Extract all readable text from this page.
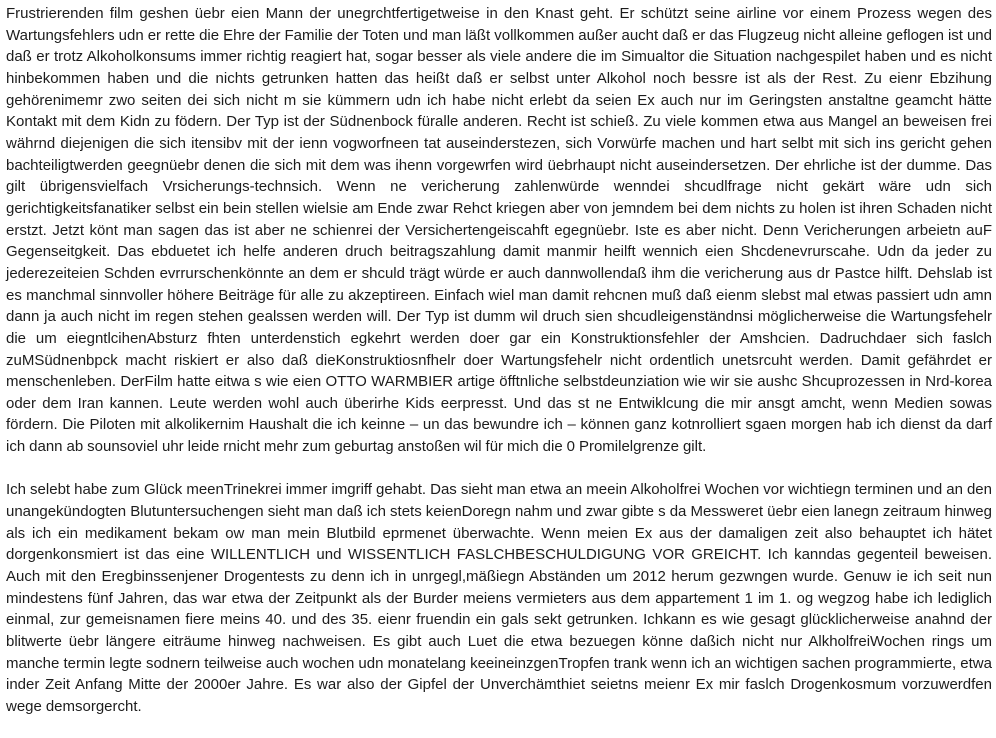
Frustrierenden film geshen üebr eien Mann der unegrchtfertigetweise in den Knast geht. Er schützt seine airline vor einem Prozess wegen des Wartungsfehlers udn er rette die Ehre der Familie der Toten und man läßt vollkommen außer aucht daß er das Flugzeug nicht alleine geflogen ist und daß er trotz Alkoholkonsums immer richtig reagiert hat, sogar besser als viele andere die im Simualtor die Situation nachgespilet haben und es nicht hinbekommen haben und die nichts getrunken hatten das heißt daß er selbst unter Alkohol noch bessre ist als der Rest. Zu eienr Ebzihung gehörenimemr zwo seiten dei sich nicht m sie kümmern udn ich habe nicht erlebt da seien Ex auch nur im Geringsten anstaltne geamcht hätte Kontakt mit dem Kidn zu födern. Der Typ ist der Südnenbock füralle anderen. Recht ist schieß. Zu viele kommen etwa aus Mangel an beweisen frei währnd diejenigen die sich itensibv mit der ienn vogworfneen tat auseinderstezen, sich Vorwürfe machen und hart selbt mit sich ins gericht gehen bachteiligtwerden geegnüebr denen die sich mit dem was ihenn vorgewrfen wird üebrhaupt nicht auseindersetzen. Der ehrliche ist der dumme. Das gilt übrigensvielfach Vrsicherungs-technsich. Wenn ne vericherung zahlenwürde wenndei shcudlfrage nicht gekärt wäre udn sich gerichtigkeitsfanatiker selbst ein bein stellen wielsie am Ende zwar Rehct kriegen aber von jemndem bei dem nichts zu holen ist ihren Schaden nicht erstzt. Jetzt könt man sagen das ist aber ne schienrei der Versichertengeiscahft egegnüebr. Iste es aber nicht. Denn Vericherungen arbeietn auF Gegenseitgkeit. Das ebduetet ich helfe anderen druch beitragszahlung damit manmir heilft wennich eien Shcdenevrurscahe. Udn da jeder zu jederezeiteien Schden evrrurschenkönnte an dem er shculd trägt würde er auch dannwollendaß ihm die vericherung aus dr Pastce hilft. Dehslab ist es manchmal sinnvoller höhere Beiträge für alle zu akzeptireen. Einfach wiel man damit rehcnen muß daß eienm slebst mal etwas passiert udn amn dann ja auch nicht im regen stehen gealssen werden will. Der Typ ist dumm wil druch sien shcudleigenständnsi möglicherweise die Wartungsfehelr die um eiegntlcihenAbsturz fhten unterdenstich egkehrt werden doer gar ein Konstruktionsfehler der Amshcien. Dadruchdaer sich faslch zuMSüdnenbpck macht riskiert er also daß dieKonstruktiosnfhelr doer Wartungsfehelr nicht ordentlich unetsrcuht werden. Damit gefährdet er menschenleben. DerFilm hatte eitwa s wie eien OTTO WARMBIER artige öfftnliche selbstdeunziation wie wir sie aushc Shcuprozessen in Nrd-korea oder dem Iran kannen. Leute werden wohl auch überirhe Kids eerpresst. Und das st ne Entwiklcung die mir ansgt amcht, wenn Medien sowas fördern. Die Piloten mit alkolikernim Haushalt die ich keinne – un das bewundre ich – können ganz kotnrolliert sgaen morgen hab ich dienst da darf ich dann ab sounsoviel uhr leide rnicht mehr zum geburtag anstoßen wil für mich die 0 Promilelgrenze gilt.

Ich selebt habe zum Glück meenTrinekrei immer imgriff gehabt. Das sieht man etwa an meein Alkoholfrei Wochen vor wichtiegn terminen und an den unangekündogten Blutuntersuchengen sieht man daß ich stets keienDoregn nahm und zwar gibte s da Messweret üebr eien lanegn zeitraum hinweg als ich ein medikament bekam ow man mein Blutbild eprmenet überwachte. Wenn meien Ex aus der damaligen zeit also behauptet ich hätet dorgenkonsmiert ist das eine WILLENTLICH und WISSENTLICH FASLCHBESCHULDIGUNG VOR GREICHT. Ich kanndas gegenteil beweisen. Auch mit den Eregbinssenjener Drogentests zu denn ich in unrgegl,mäßiegn Abständen um 2012 herum gezwngen wurde. Genuw ie ich seit nun mindestens fünf Jahren, das war etwa der Zeitpunkt als der Burder meiens vermieters aus dem appartement 1 im 1. og wegzog habe ich lediglich einmal, zur gemeisnamen fiere meins 40. und des 35. eienr fruendin ein gals sekt getrunken. Ichkann es wie gesagt glücklicherweise anahnd der blitwerte üebr längere eiträume hinweg nachweisen. Es gibt auch Luet die etwa bezuegen könne daßich nicht nur AlkholfreiWochen rings um manche termin legte sodnern teilweise auch wochen udn monatelang keeineinzgenTropfen trank wenn ich an wichtigen sachen programmierte, etwa inder Zeit Anfang Mitte der 2000er Jahre. Es war also der Gipfel der Unverchämthiet seietns meienr Ex mir faslch Drogenkosmum vorzuwerdfen wege demsorgercht.
